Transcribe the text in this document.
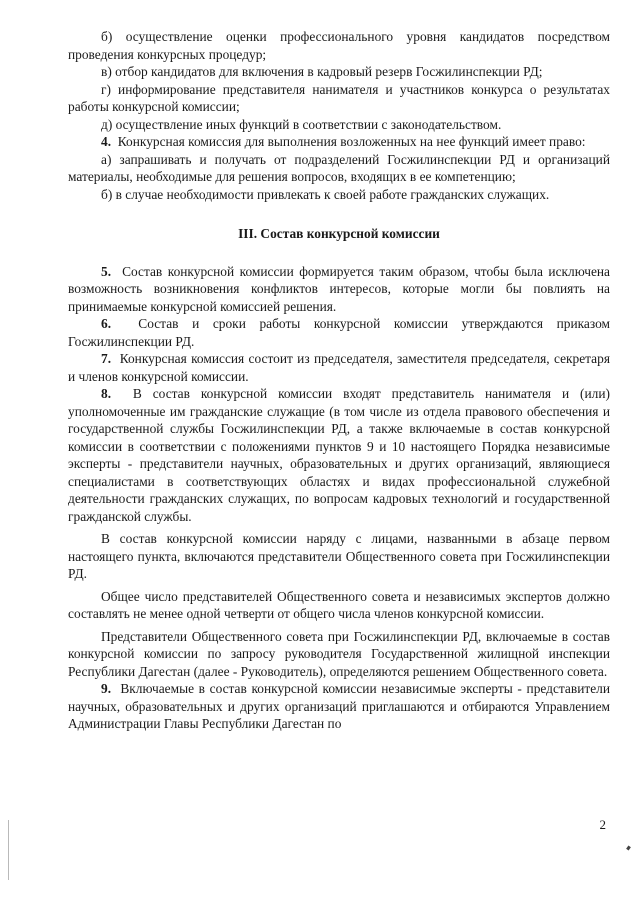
б) осуществление оценки профессионального уровня кандидатов посредством проведения конкурсных процедур;

в) отбор кандидатов для включения в кадровый резерв Госжилинспекции РД;

г) информирование представителя нанимателя и участников конкурса о результатах работы конкурсной комиссии;

д) осуществление иных функций в соответствии с законодательством.

4. Конкурсная комиссия для выполнения возложенных на нее функций имеет право:

а) запрашивать и получать от подразделений Госжилинспекции РД и организаций материалы, необходимые для решения вопросов, входящих в ее компетенцию;

б) в случае необходимости привлекать к своей работе гражданских служащих.

III. Состав конкурсной комиссии

5. Состав конкурсной комиссии формируется таким образом, чтобы была исключена возможность возникновения конфликтов интересов, которые могли бы повлиять на принимаемые конкурсной комиссией решения.

6. Состав и сроки работы конкурсной комиссии утверждаются приказом Госжилинспекции РД.

7. Конкурсная комиссия состоит из председателя, заместителя председателя, секретаря и членов конкурсной комиссии.

8. В состав конкурсной комиссии входят представитель нанимателя и (или) уполномоченные им гражданские служащие (в том числе из отдела правового обеспечения и государственной службы Госжилинспекции РД, а также включаемые в состав конкурсной комиссии в соответствии с положениями пунктов 9 и 10 настоящего Порядка независимые эксперты - представители научных, образовательных и других организаций, являющиеся специалистами в соответствующих областях и видах профессиональной служебной деятельности гражданских служащих, по вопросам кадровых технологий и государственной гражданской службы.

В состав конкурсной комиссии наряду с лицами, названными в абзаце первом настоящего пункта, включаются представители Общественного совета при Госжилинспекции РД.

Общее число представителей Общественного совета и независимых экспертов должно составлять не менее одной четверти от общего числа членов конкурсной комиссии.

Представители Общественного совета при Госжилинспекции РД, включаемые в состав конкурсной комиссии по запросу руководителя Государственной жилищной инспекции Республики Дагестан (далее - Руководитель), определяются решением Общественного совета.

9. Включаемые в состав конкурсной комиссии независимые эксперты - представители научных, образовательных и других организаций приглашаются и отбираются Управлением Администрации Главы Республики Дагестан по

2
